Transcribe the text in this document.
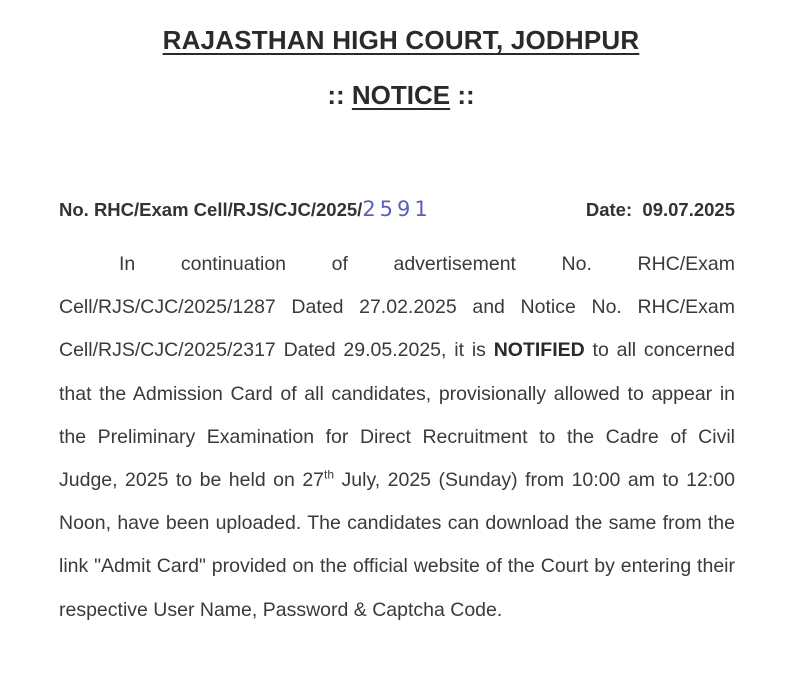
RAJASTHAN HIGH COURT, JODHPUR
:: NOTICE ::
No. RHC/Exam Cell/RJS/CJC/2025/2591	Date: 09.07.2025

In continuation of advertisement No. RHC/Exam Cell/RJS/CJC/2025/1287 Dated 27.02.2025 and Notice No. RHC/Exam Cell/RJS/CJC/2025/2317 Dated 29.05.2025, it is NOTIFIED to all concerned that the Admission Card of all candidates, provisionally allowed to appear in the Preliminary Examination for Direct Recruitment to the Cadre of Civil Judge, 2025 to be held on 27th July, 2025 (Sunday) from 10:00 am to 12:00 Noon, have been uploaded. The candidates can download the same from the link "Admit Card" provided on the official website of the Court by entering their respective User Name, Password & Captcha Code.
